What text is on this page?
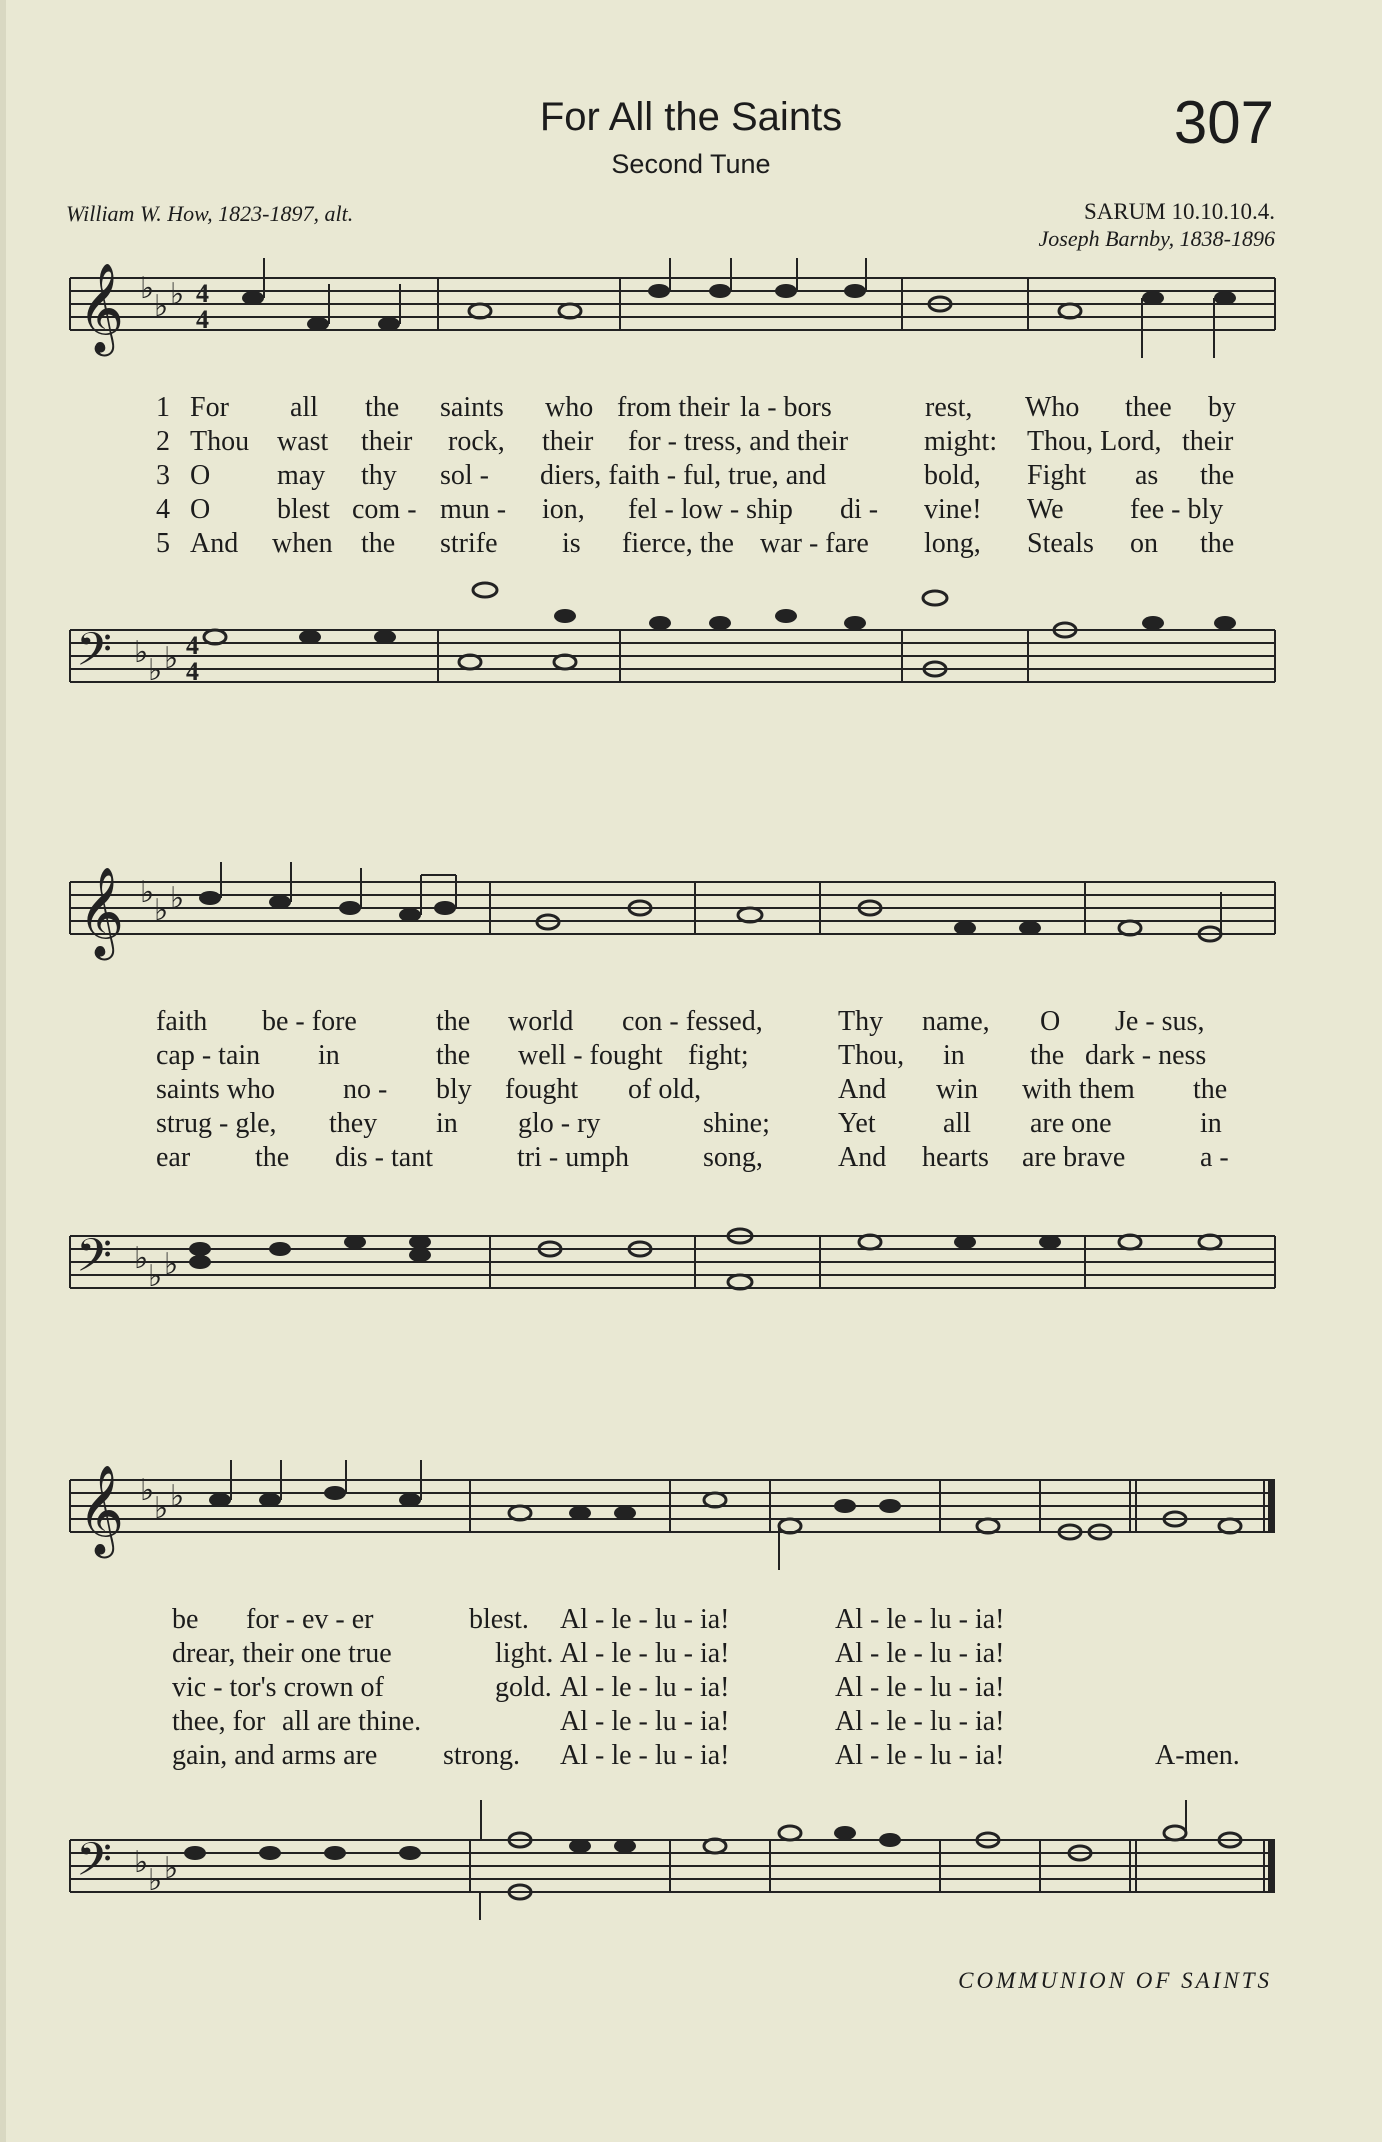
For All the Saints
Second Tune
307
William W. How, 1823-1897, alt.	SARUM 10.10.10.4.
Joseph Barnby, 1838-1896
𝄞 ♭
♭ ♭ 4
4
1 For all the saints who from their la - bors	rest, Who thee by
2 Thou wast their rock, their for - tress, and their	might: Thou, Lord, their
3 O may thy sol - diers, faith - ful, true, and	bold, Fight as the
4 O blest com - mun - ion, fel - low - ship di - vine! We fee - bly
5 And when the strife is fierce, the war - fare long, Steals on the
𝄢 ♭
♭ ♭ 4
4
𝄞 ♭
♭ ♭
faith be - fore	the world con - fessed,	Thy name, O Je - sus,
cap - tain in	the well - fought fight;	Thou, in the dark - ness
saints who no - bly fought of old,	And win with them the
strug - gle, they in glo - ry	shine; Yet all are one	in
ear the dis - tant	tri - umph	song,	And hearts are brave	a -
𝄢 ♭
♭ ♭
𝄞 ♭
♭ ♭
be for - ev - er	blest. Al - le - lu - ia!	Al - le - lu - ia!
drear, their one true	light. Al - le - lu - ia!	Al - le - lu - ia!
vic - tor's crown of	gold. Al - le - lu - ia!	Al - le - lu - ia!
thee, for all are thine.	Al - le - lu - ia!	Al - le - lu - ia!
gain, and arms are strong. Al - le - lu - ia!	Al - le - lu - ia!	A-men.
𝄢 ♭
♭ ♭
COMMUNION OF SAINTS
